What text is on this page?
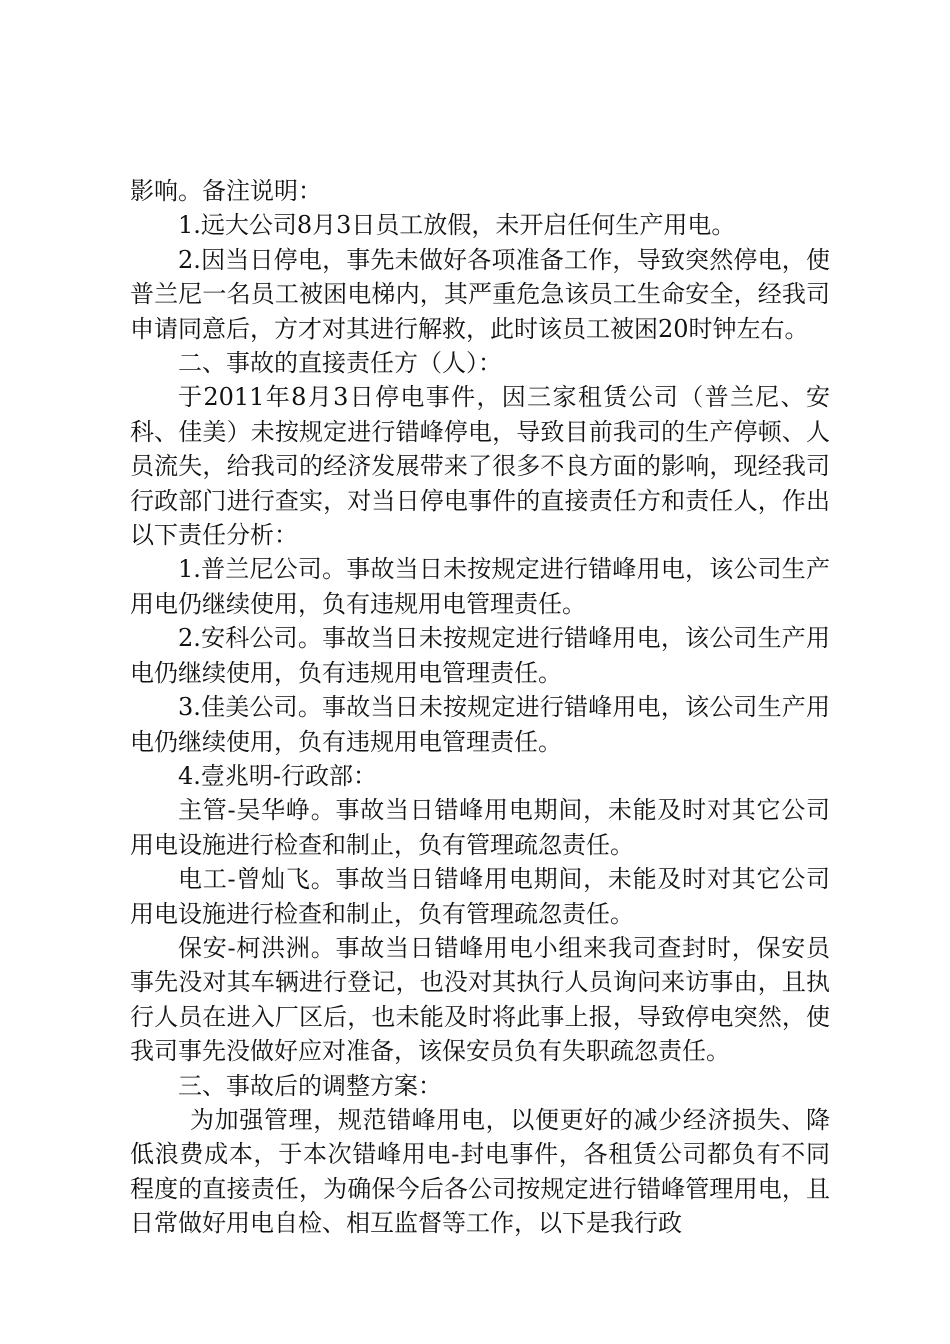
影响。备注说明：

1.远大公司8月3日员工放假，未开启任何生产用电。

2.因当日停电，事先未做好各项准备工作，导致突然停电，使普兰尼一名员工被困电梯内，其严重危急该员工生命安全，经我司申请同意后，方才对其进行解救，此时该员工被困20时钟左右。

二、事故的直接责任方（人）：

于2011年8月3日停电事件，因三家租赁公司（普兰尼、安科、佳美）未按规定进行错峰停电，导致目前我司的生产停顿、人员流失，给我司的经济发展带来了很多不良方面的影响，现经我司行政部门进行查实，对当日停电事件的直接责任方和责任人，作出以下责任分析：

1.普兰尼公司。事故当日未按规定进行错峰用电，该公司生产用电仍继续使用，负有违规用电管理责任。

2.安科公司。事故当日未按规定进行错峰用电，该公司生产用电仍继续使用，负有违规用电管理责任。

3.佳美公司。事故当日未按规定进行错峰用电，该公司生产用电仍继续使用，负有违规用电管理责任。

4.壹兆明-行政部：

主管-吴华峥。事故当日错峰用电期间，未能及时对其它公司用电设施进行检查和制止，负有管理疏忽责任。

电工-曾灿飞。事故当日错峰用电期间，未能及时对其它公司用电设施进行检查和制止，负有管理疏忽责任。

保安-柯洪洲。事故当日错峰用电小组来我司查封时，保安员事先没对其车辆进行登记，也没对其执行人员询问来访事由，且执行人员在进入厂区后，也未能及时将此事上报，导致停电突然，使我司事先没做好应对准备，该保安员负有失职疏忽责任。

三、事故后的调整方案：

为加强管理，规范错峰用电，以便更好的减少经济损失、降低浪费成本，于本次错峰用电-封电事件，各租赁公司都负有不同程度的直接责任，为确保今后各公司按规定进行错峰管理用电，且日常做好用电自检、相互监督等工作，以下是我行政
